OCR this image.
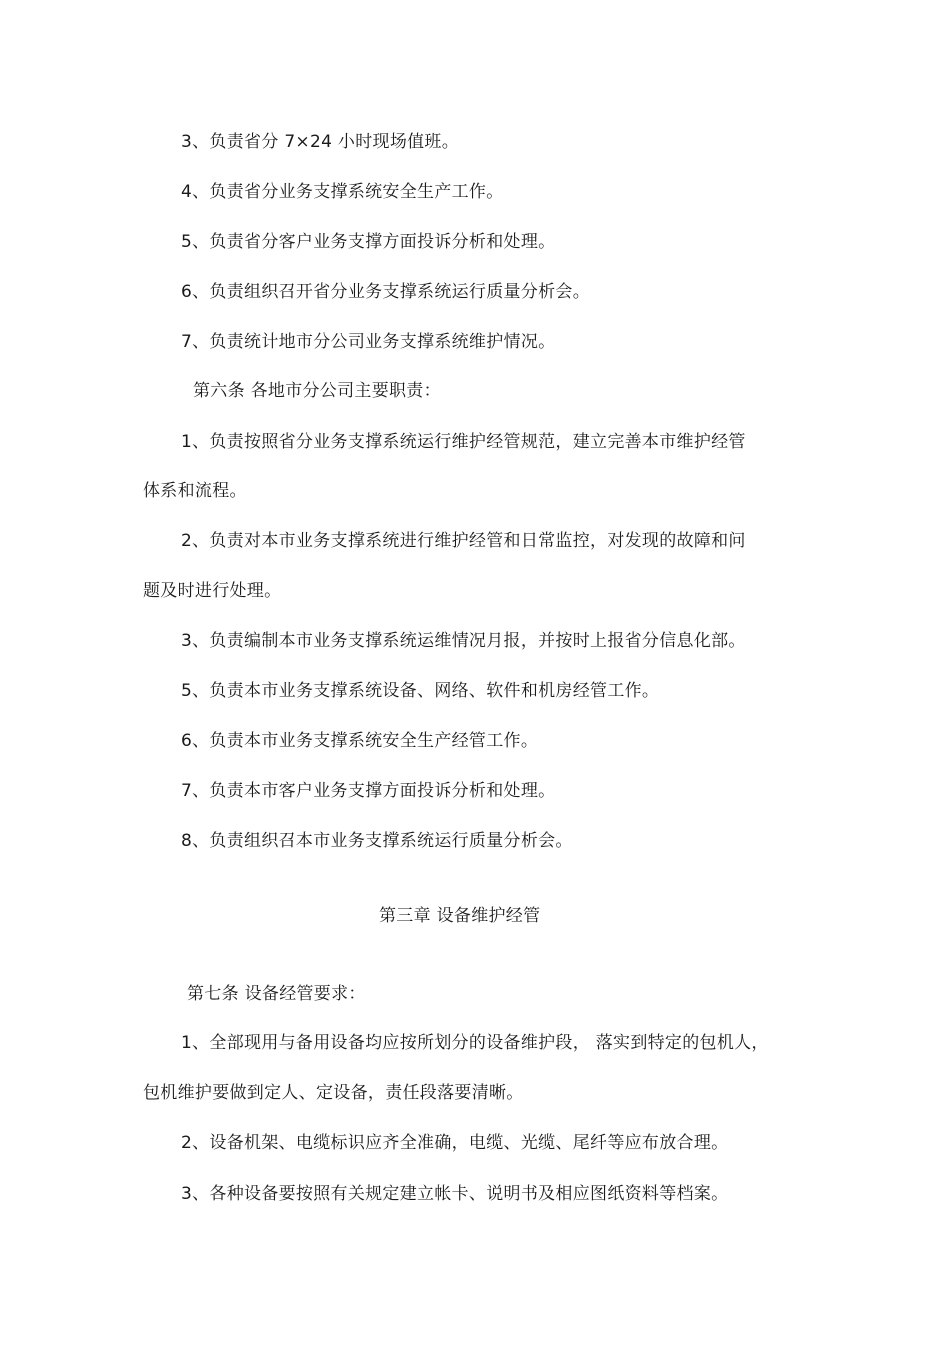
3、负责省分 7×24 小时现场值班。
4、负责省分业务支撑系统安全生产工作。
5、负责省分客户业务支撑方面投诉分析和处理。
6、负责组织召开省分业务支撑系统运行质量分析会。
7、负责统计地市分公司业务支撑系统维护情况。
第六条 各地市分公司主要职责：
1、负责按照省分业务支撑系统运行维护经管规范，建立完善本市维护经管
体系和流程。
2、负责对本市业务支撑系统进行维护经管和日常监控，对发现的故障和问
题及时进行处理。
3、负责编制本市业务支撑系统运维情况月报，并按时上报省分信息化部。
5、负责本市业务支撑系统设备、网络、软件和机房经管工作。
6、负责本市业务支撑系统安全生产经管工作。
7、负责本市客户业务支撑方面投诉分析和处理。
8、负责组织召本市业务支撑系统运行质量分析会。
第三章 设备维护经管
第七条 设备经管要求：
1、全部现用与备用设备均应按所划分的设备维护段， 落实到特定的包机人，
包机维护要做到定人、定设备，责任段落要清晰。
2、设备机架、电缆标识应齐全准确，电缆、光缆、尾纤等应布放合理。
3、各种设备要按照有关规定建立帐卡、说明书及相应图纸资料等档案。
